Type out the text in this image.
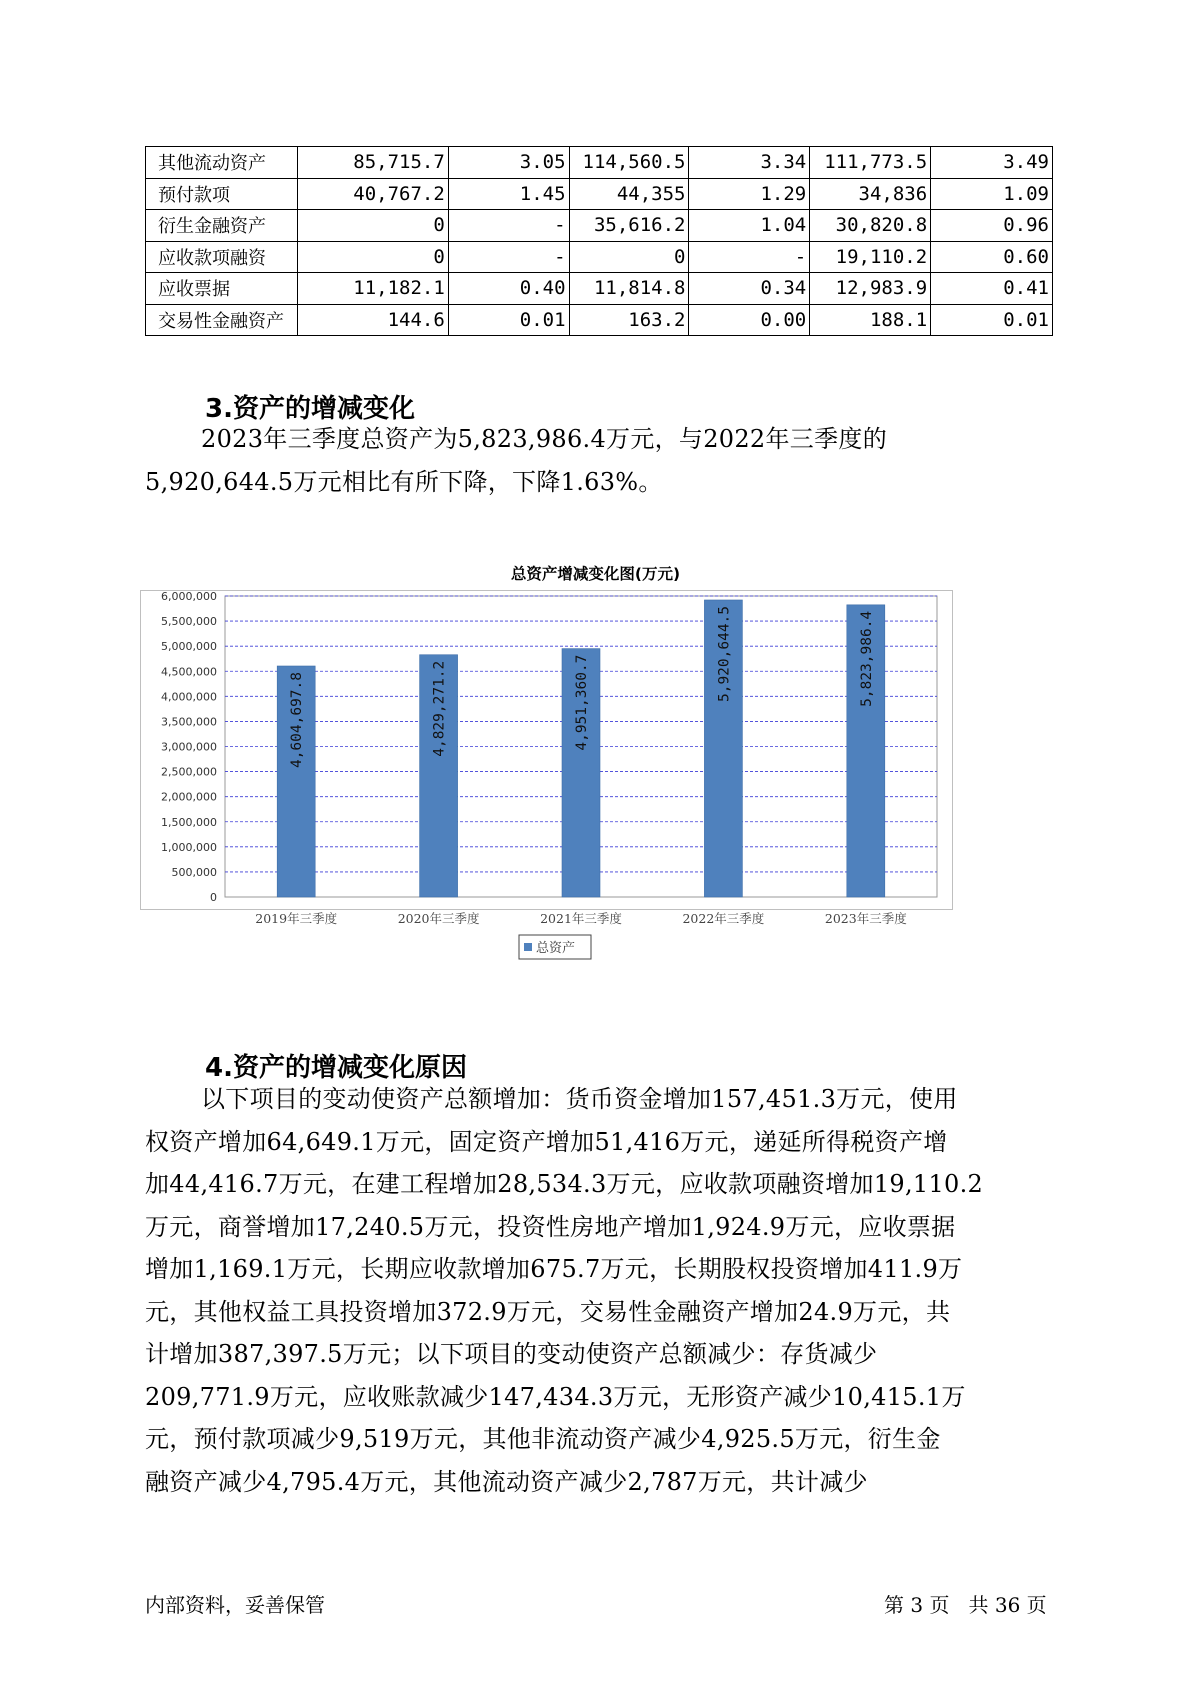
其他流动资产	85,715.7	3.05	114,560.5	3.34	111,773.5	3.49
预付款项	40,767.2	1.45	44,355	1.29	34,836	1.09
衍生金融资产	0	-	35,616.2	1.04	30,820.8	0.96
应收款项融资	0	-	0	-	19,110.2	0.60
应收票据	11,182.1	0.40	11,814.8	0.34	12,983.9	0.41
交易性金融资产	144.6	0.01	163.2	0.00	188.1	0.01
3.资产的增减变化

2023年三季度总资产为5,823,986.4万元，与2022年三季度的
5,920,644.5万元相比有所下降，下降1.63%。

总资产增减变化图(万元)
0
500,000
1,000,000
1,500,000
2,000,000
2,500,000
3,000,000
3,500,000
4,000,000
4,500,000
5,000,000
5,500,000
6,000,000
4,604,697.8
2019年三季度
4,829,271.2
2020年三季度
4,951,360.7
2021年三季度
5,920,644.5
2022年三季度
5,823,986.4
2023年三季度
总资产
4.资产的增减变化原因
以下项目的变动使资产总额增加：货币资金增加157,451.3万元，使用
权资产增加64,649.1万元，固定资产增加51,416万元，递延所得税资产增
加44,416.7万元，在建工程增加28,534.3万元，应收款项融资增加19,110.2
万元，商誉增加17,240.5万元，投资性房地产增加1,924.9万元，应收票据
增加1,169.1万元，长期应收款增加675.7万元，长期股权投资增加411.9万
元，其他权益工具投资增加372.9万元，交易性金融资产增加24.9万元，共
计增加387,397.5万元；以下项目的变动使资产总额减少：存货减少
209,771.9万元，应收账款减少147,434.3万元，无形资产减少10,415.1万
元，预付款项减少9,519万元，其他非流动资产减少4,925.5万元，衍生金
融资产减少4,795.4万元，其他流动资产减少2,787万元，共计减少

内部资料，妥善保管	第 3 页   共 36 页
